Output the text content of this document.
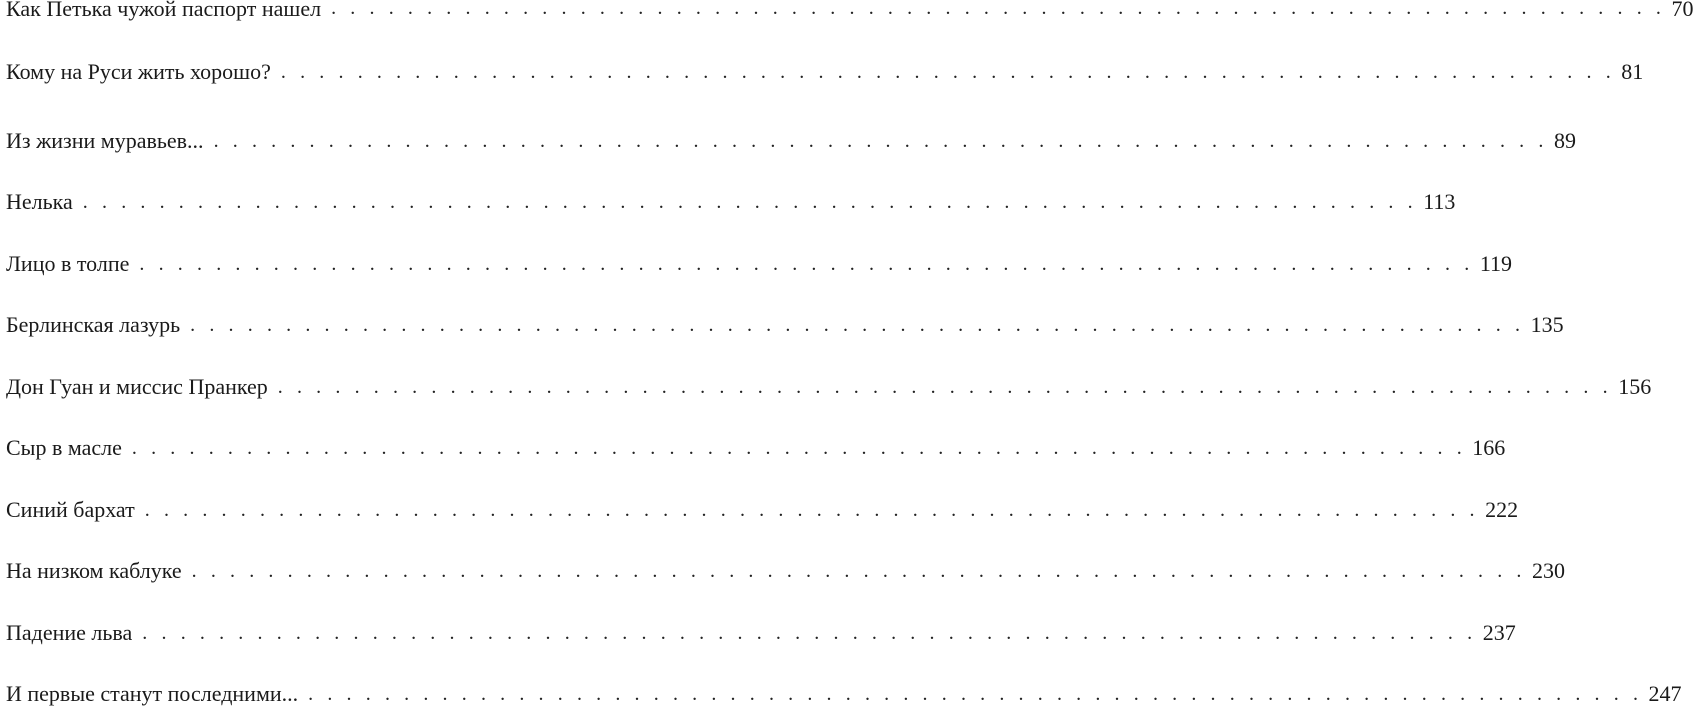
Как Петька чужой паспорт нашел . . . . . . . . . . . . . . . . . . . . . . . . . . . . . . . . . . . . . . . . . . . . . . . . . . . . . . . . . . . . . . . . . . . . . . 70
Кому на Руси жить хорошо? . . . . . . . . . . . . . . . . . . . . . . . . . . . . . . . . . . . . . . . . . . . . . . . . . . . . . . . . . . . . . . . . . . . . . . 81
Из жизни муравьев... . . . . . . . . . . . . . . . . . . . . . . . . . . . . . . . . . . . . . . . . . . . . . . . . . . . . . . . . . . . . . . . . . . . . . . 89
Нелька . . . . . . . . . . . . . . . . . . . . . . . . . . . . . . . . . . . . . . . . . . . . . . . . . . . . . . . . . . . . . . . . . . . . . . 113
Лицо в толпе . . . . . . . . . . . . . . . . . . . . . . . . . . . . . . . . . . . . . . . . . . . . . . . . . . . . . . . . . . . . . . . . . . . . . . 119
Берлинская лазурь . . . . . . . . . . . . . . . . . . . . . . . . . . . . . . . . . . . . . . . . . . . . . . . . . . . . . . . . . . . . . . . . . . . . . . 135
Дон Гуан и миссис Пранкер . . . . . . . . . . . . . . . . . . . . . . . . . . . . . . . . . . . . . . . . . . . . . . . . . . . . . . . . . . . . . . . . . . . . . . 156
Сыр в масле . . . . . . . . . . . . . . . . . . . . . . . . . . . . . . . . . . . . . . . . . . . . . . . . . . . . . . . . . . . . . . . . . . . . . . 166
Синий бархат . . . . . . . . . . . . . . . . . . . . . . . . . . . . . . . . . . . . . . . . . . . . . . . . . . . . . . . . . . . . . . . . . . . . . . 222
На низком каблуке . . . . . . . . . . . . . . . . . . . . . . . . . . . . . . . . . . . . . . . . . . . . . . . . . . . . . . . . . . . . . . . . . . . . . . 230
Падение льва . . . . . . . . . . . . . . . . . . . . . . . . . . . . . . . . . . . . . . . . . . . . . . . . . . . . . . . . . . . . . . . . . . . . . . 237
И первые станут последними... . . . . . . . . . . . . . . . . . . . . . . . . . . . . . . . . . . . . . . . . . . . . . . . . . . . . . . . . . . . . . . . . . . . . . . 247
